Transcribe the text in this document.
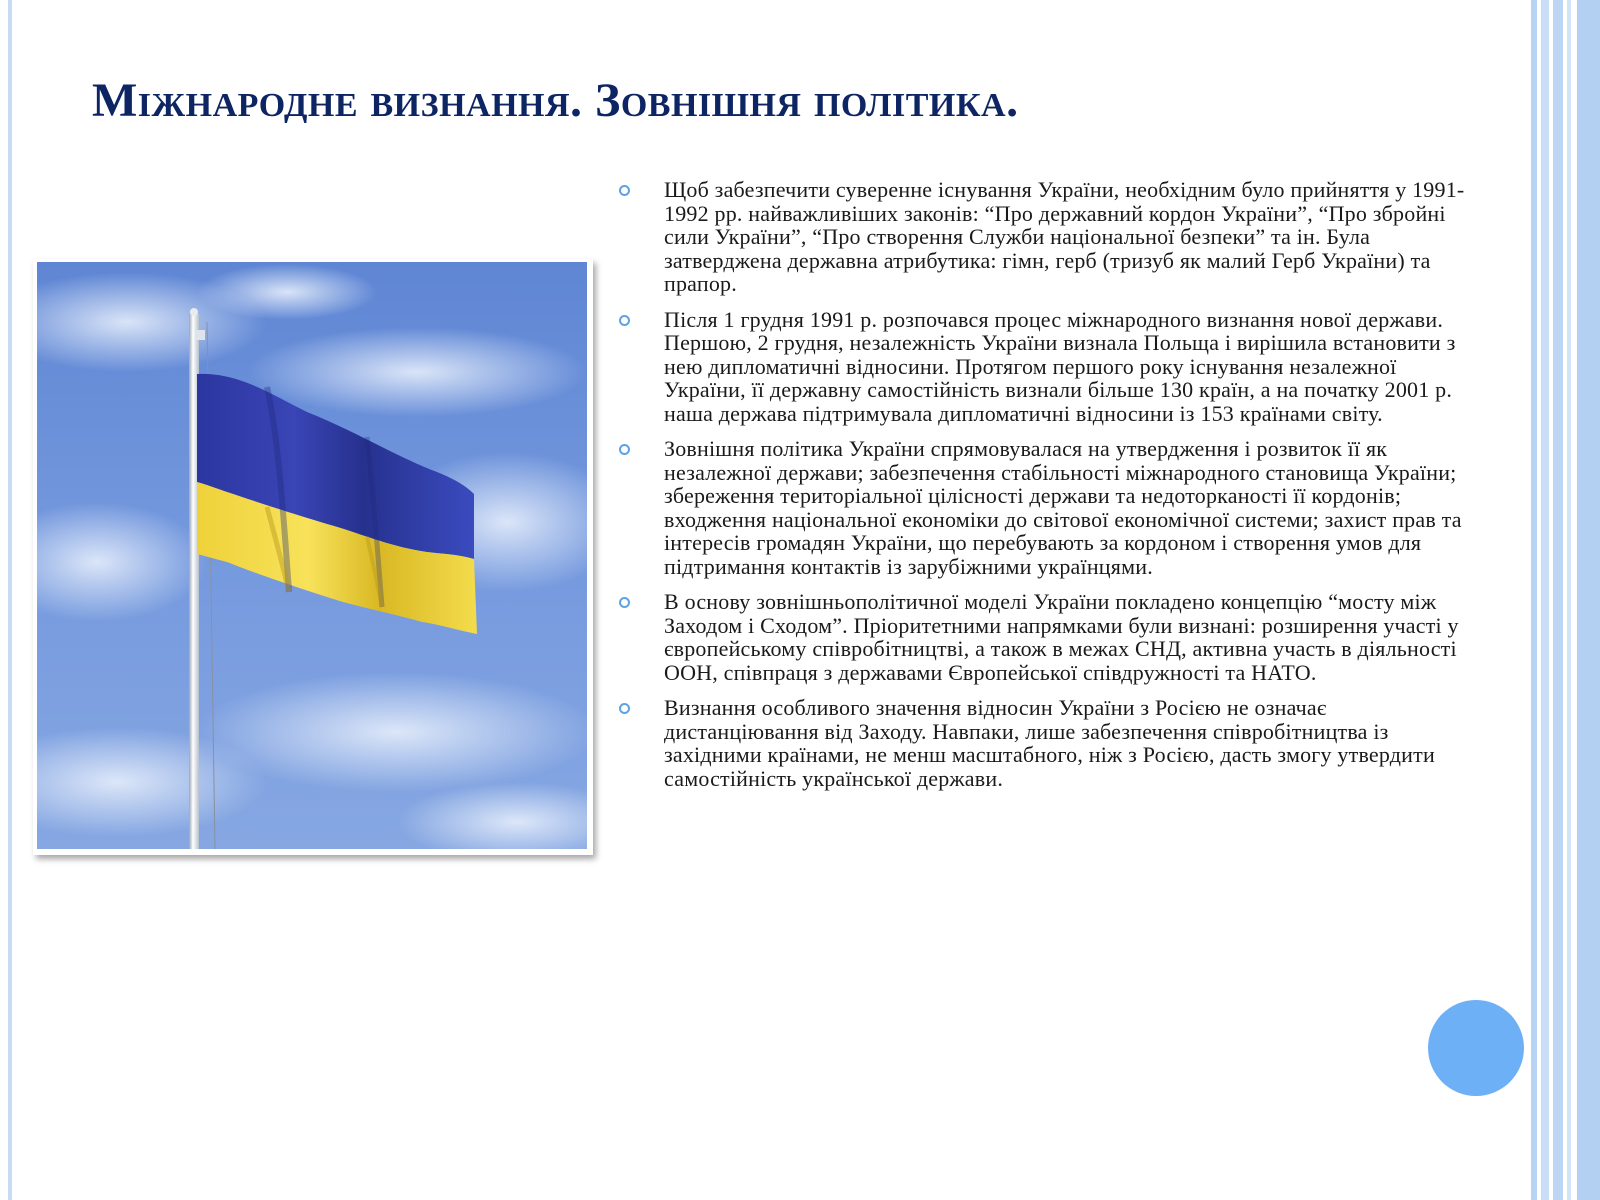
Міжнародне визнання. Зовнішня політика.
Щоб забезпечити суверенне існування України, необхідним було прийняття у 1991-1992 рр. найважливіших законів: “Про державний кордон України”, “Про збройні сили України”, “Про створення Служби національної безпеки” та ін. Була затверджена державна атрибутика: гімн, герб (тризуб як малий Герб України) та прапор.
Після 1 грудня 1991 р. розпочався процес міжнародного визнання нової держави. Першою, 2 грудня, незалежність України визнала Польща і вирішила встановити з нею дипломатичні відносини. Протягом першого року існування незалежної України, її державну самостійність визнали більше 130 країн, а на початку 2001 р. наша держава підтримувала дипломатичні відносини із 153 країнами світу.
Зовнішня політика України спрямовувалася на утвердження і розвиток її як незалежної держави; забезпечення стабільності міжнародного становища України; збереження територіальної цілісності держави та недоторканості її кордонів; входження національної економіки до світової економічної системи; захист прав та інтересів громадян України, що перебувають за кордоном і створення умов для підтримання контактів із зарубіжними українцями.
В основу зовнішньополітичної моделі України покладено концепцію “мосту між Заходом і Сходом”. Пріоритетними напрямками були визнані: розширення участі у європейському співробітництві, а також в межах СНД, активна участь в діяльності ООН, співпраця з державами Європейської співдружності та НАТО.
Визнання особливого значення відносин України з Росією не означає дистанціювання від Заходу. Навпаки, лише забезпечення співробітництва із західними країнами, не менш масштабного, ніж з Росією, дасть змогу утвердити самостійність української держави.
